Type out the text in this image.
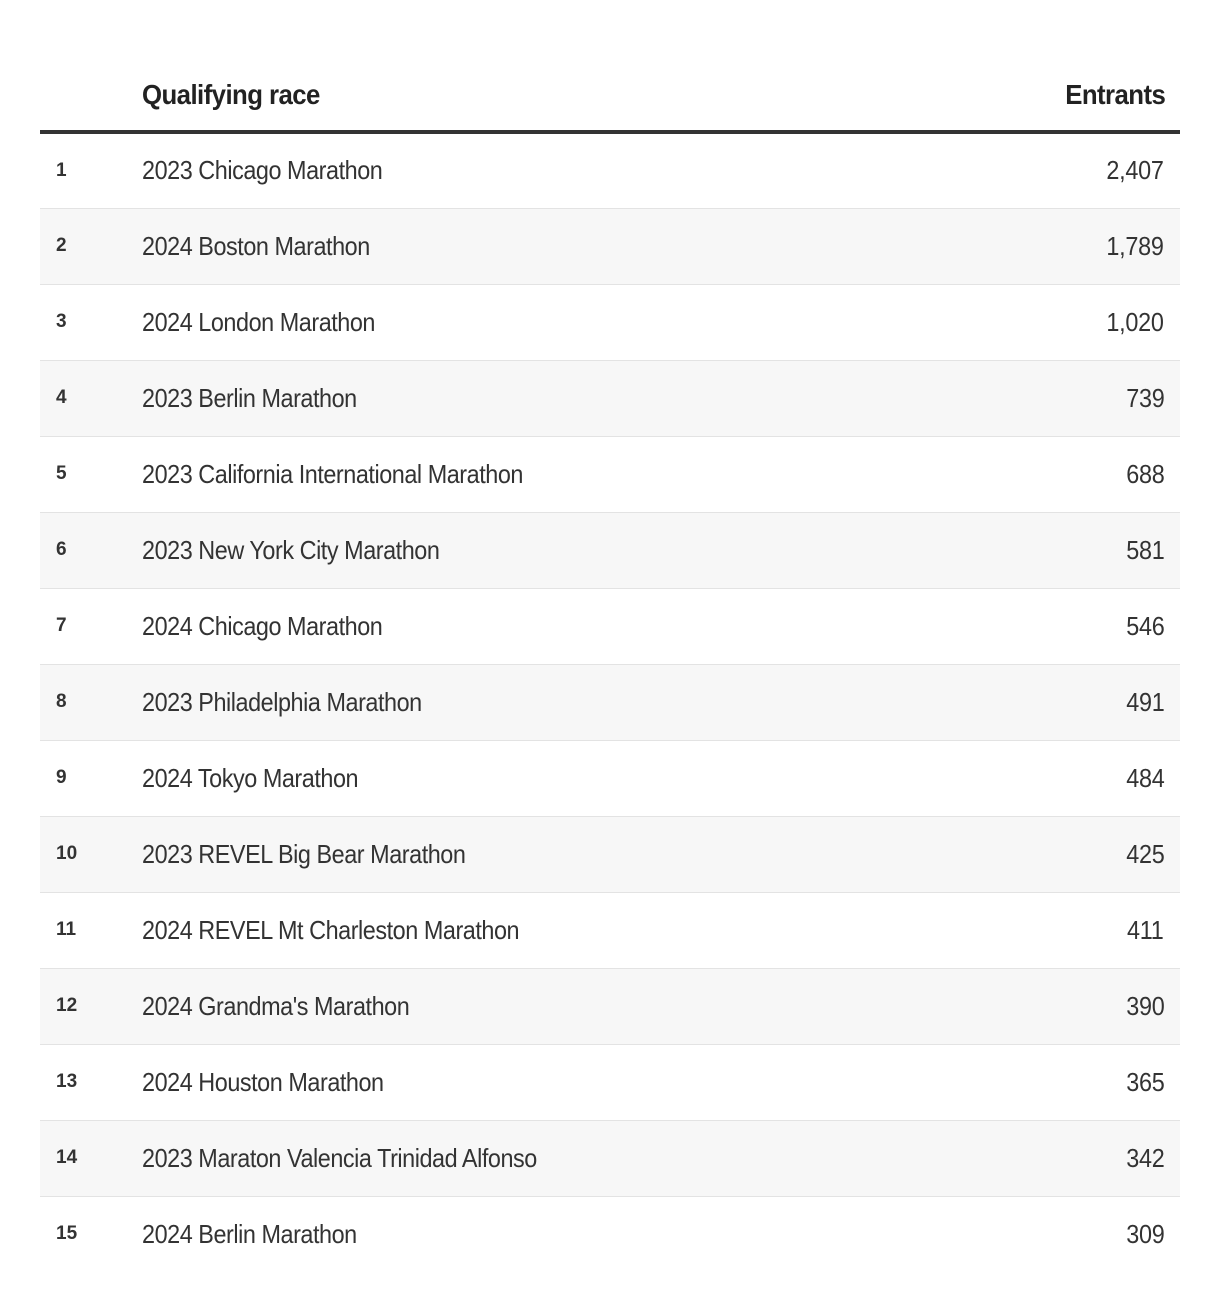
	Qualifying race	Entrants
1	2023 Chicago Marathon	2,407
2	2024 Boston Marathon	1,789
3	2024 London Marathon	1,020
4	2023 Berlin Marathon	739
5	2023 California International Marathon	688
6	2023 New York City Marathon	581
7	2024 Chicago Marathon	546
8	2023 Philadelphia Marathon	491
9	2024 Tokyo Marathon	484
10	2023 REVEL Big Bear Marathon	425
11	2024 REVEL Mt Charleston Marathon	411
12	2024 Grandma's Marathon	390
13	2024 Houston Marathon	365
14	2023 Maraton Valencia Trinidad Alfonso	342
15	2024 Berlin Marathon	309
